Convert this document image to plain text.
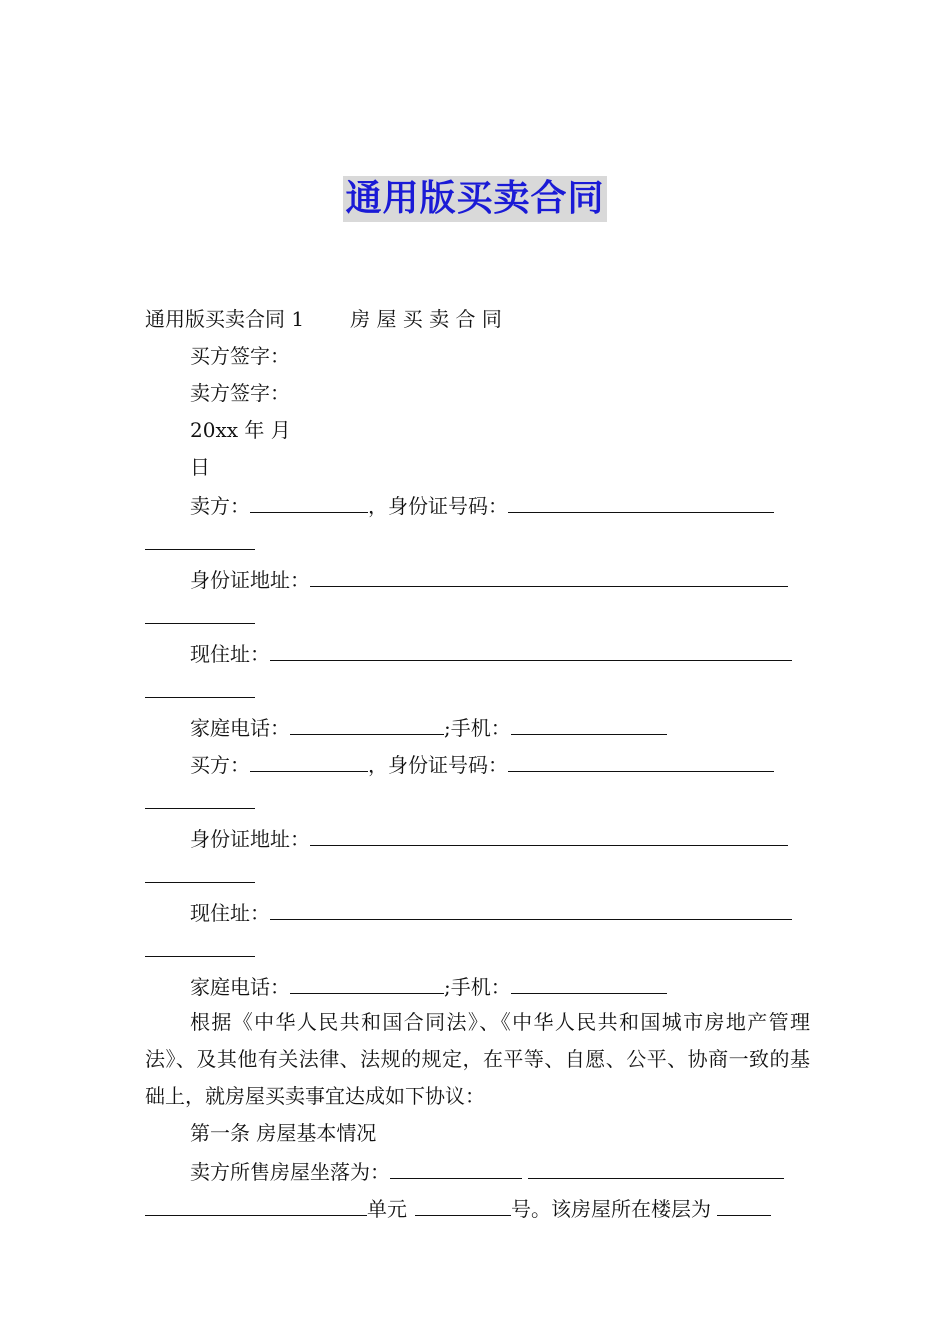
通用版买卖合同
通用版买卖合同 1 房 屋 买 卖 合 同
买方签字：
卖方签字：
20xx 年 月
日
卖方：	，身份证号码：
身份证地址：
现住址：
家庭电话：	;手机：
买方：	，身份证号码：
身份证地址：
现住址：
家庭电话：	;手机：

根据《中华人民共和国合同法》、《中华人民共和国城市房地产管理法》、及其他有关法律、法规的规定，在平等、自愿、公平、协商一致的基础上，就房屋买卖事宜达成如下协议：

第一条 房屋基本情况
卖方所售房屋坐落为：
单元	号。该房屋所在楼层为
